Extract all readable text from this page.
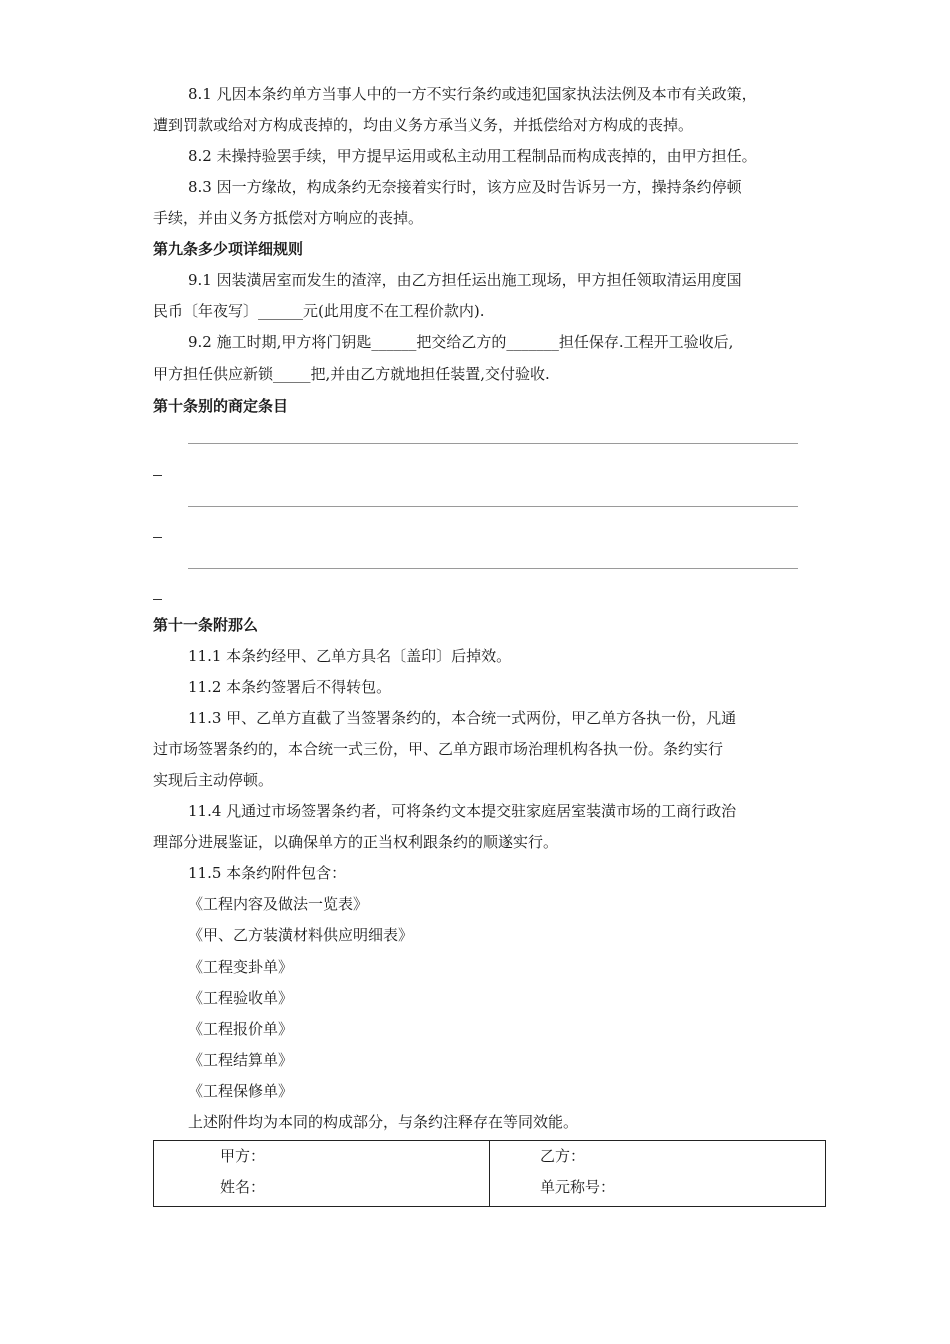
8.1 凡因本条约单方当事人中的一方不实行条约或违犯国家执法法例及本市有关政策，
遭到罚款或给对方构成丧掉的，均由义务方承当义务，并抵偿给对方构成的丧掉。
8.2 未操持验罢手续，甲方提早运用或私主动用工程制品而构成丧掉的，由甲方担任。
8.3 因一方缘故，构成条约无奈接着实行时，该方应及时告诉另一方，操持条约停顿
手续，并由义务方抵偿对方响应的丧掉。
第九条多少项详细规则
9.1 因装潢居室而发生的渣滓，由乙方担任运出施工现场，甲方担任领取清运用度国
民币〔年夜写〕______元(此用度不在工程价款内).
9.2 施工时期,甲方将门钥匙______把交给乙方的_______担任保存.工程开工验收后,
甲方担任供应新锁_____把,并由乙方就地担任装置,交付验收.
第十条别的商定条目
第十一条附那么
11.1 本条约经甲、乙单方具名〔盖印〕后掉效。
11.2 本条约签署后不得转包。
11.3 甲、乙单方直截了当签署条约的，本合统一式两份，甲乙单方各执一份，凡通
过市场签署条约的，本合统一式三份，甲、乙单方跟市场治理机构各执一份。条约实行
实现后主动停顿。
11.4 凡通过市场签署条约者，可将条约文本提交驻家庭居室装潢市场的工商行政治
理部分进展鉴证，以确保单方的正当权利跟条约的顺遂实行。
11.5 本条约附件包含：
《工程内容及做法一览表》
《甲、乙方装潢材料供应明细表》
《工程变卦单》
《工程验收单》
《工程报价单》
《工程结算单》
《工程保修单》
上述附件均为本同的构成部分，与条约注释存在等同效能。
甲方：
姓名：

乙方：
单元称号：
